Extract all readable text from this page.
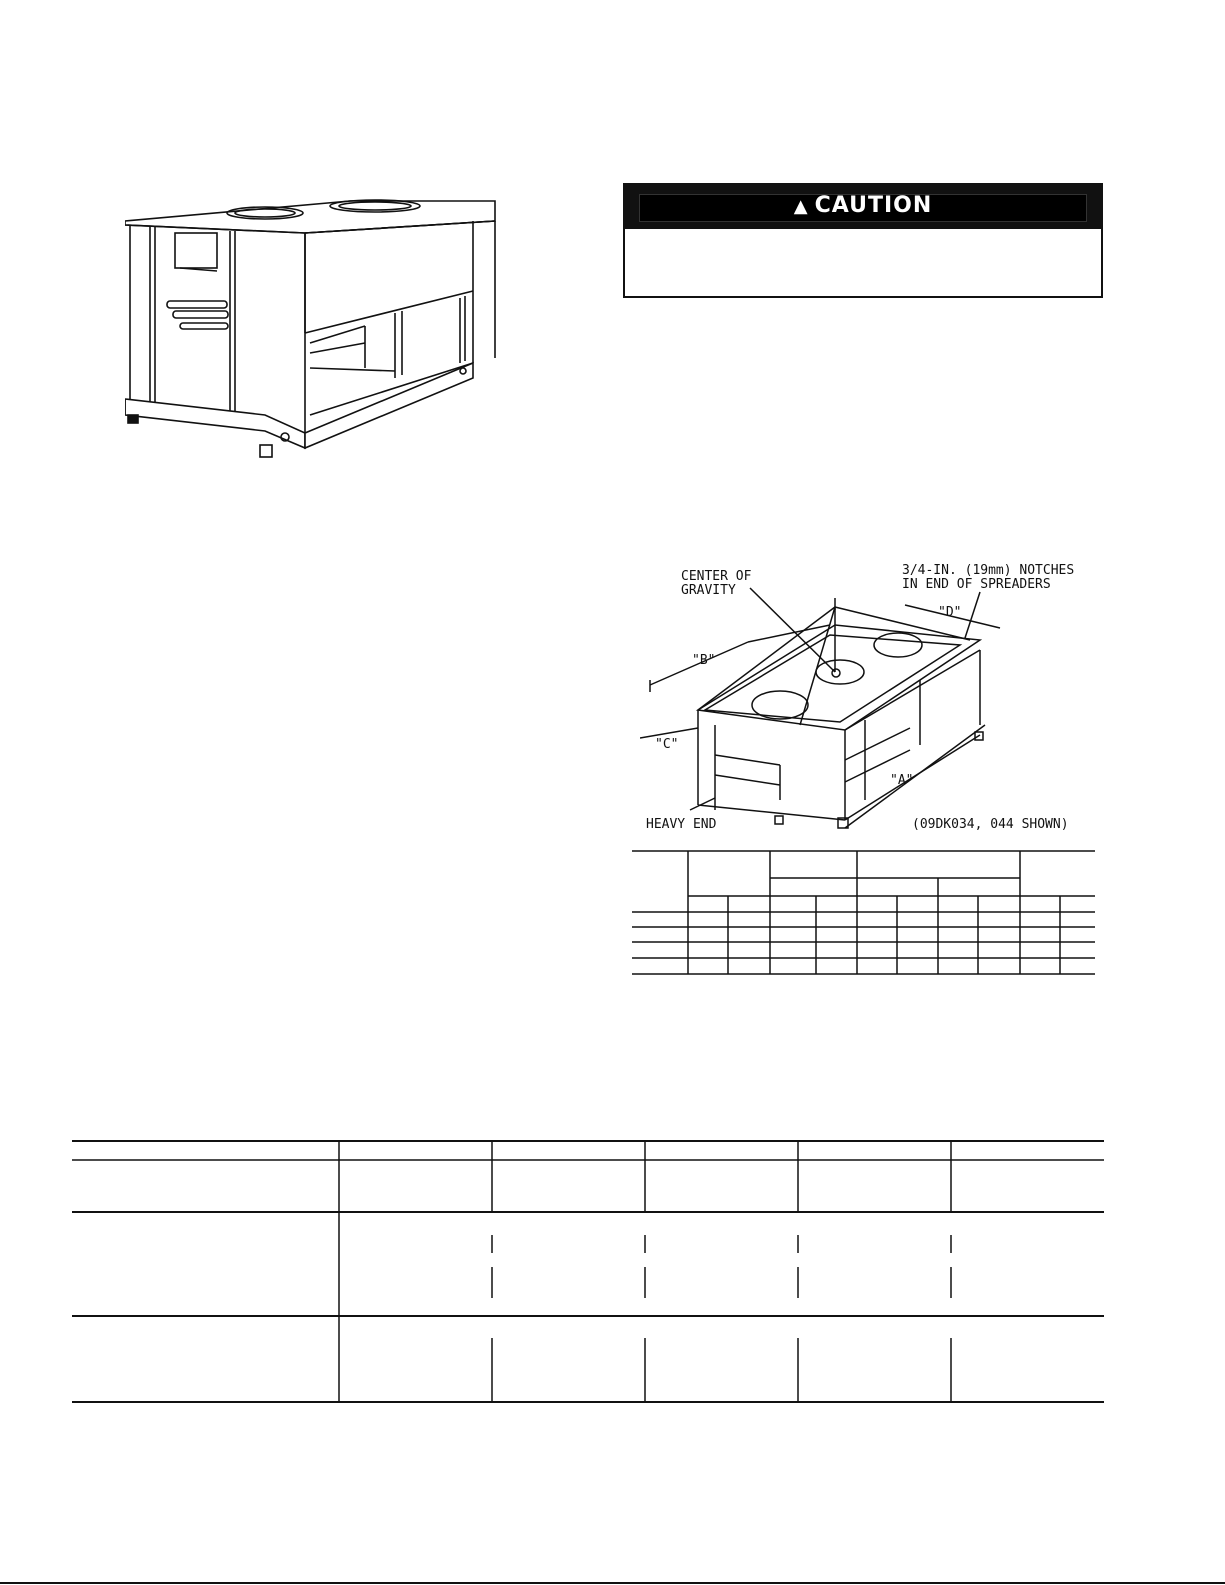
▲ CAUTION
CENTER OF
GRAVITY
3/4-IN. (19mm) NOTCHES
IN END OF SPREADERS
"D"
"B"
"C"
"A"
HEAVY END	(09DK034, 044 SHOWN)
